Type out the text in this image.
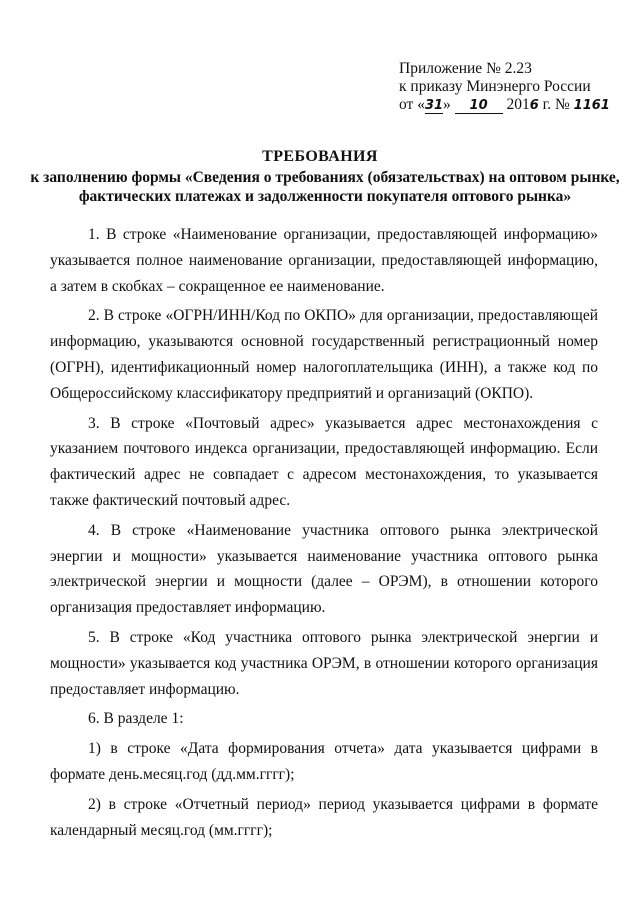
Приложение № 2.23
к приказу Минэнерго России
от «31» 10 2016 г. № 1161
ТРЕБОВАНИЯ
к заполнению формы «Сведения о требованиях (обязательствах) на оптовом рынке, фактических платежах и задолженности покупателя оптового рынка»

1. В строке «Наименование организации, предоставляющей информацию» указывается полное наименование организации, предоставляющей информацию, а затем в скобках – сокращенное ее наименование.

2. В строке «ОГРН/ИНН/Код по ОКПО» для организации, предоставляющей информацию, указываются основной государственный регистрационный номер (ОГРН), идентификационный номер налогоплательщика (ИНН), а также код по Общероссийскому классификатору предприятий и организаций (ОКПО).

3. В строке «Почтовый адрес» указывается адрес местонахождения с указанием почтового индекса организации, предоставляющей информацию. Если фактический адрес не совпадает с адресом местонахождения, то указывается также фактический почтовый адрес.

4. В строке «Наименование участника оптового рынка электрической энергии и мощности» указывается наименование участника оптового рынка электрической энергии и мощности (далее – ОРЭМ), в отношении которого организация предоставляет информацию.

5. В строке «Код участника оптового рынка электрической энергии и мощности» указывается код участника ОРЭМ, в отношении которого организация предоставляет информацию.

6. В разделе 1:

1) в строке «Дата формирования отчета» дата указывается цифрами в формате день.месяц.год (дд.мм.гггг);

2) в строке «Отчетный период» период указывается цифрами в формате календарный месяц.год (мм.гггг);
